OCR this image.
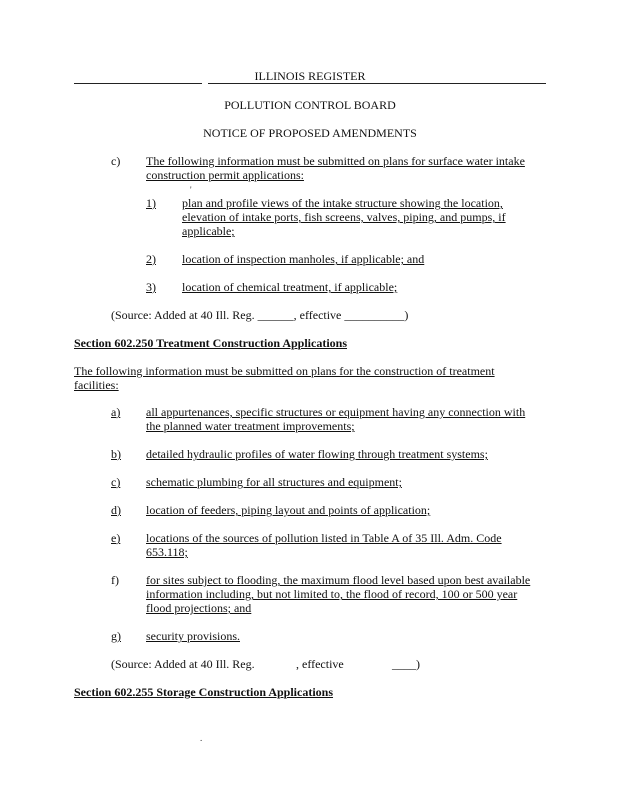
ILLINOIS REGISTER
POLLUTION CONTROL BOARD
NOTICE OF PROPOSED AMENDMENTS
c) The following information must be submitted on plans for surface water intake
construction permit applications:
'
1) plan and profile views of the intake structure showing the location,
elevation of intake ports, fish screens, valves, piping, and pumps, if
applicable;
2) location of inspection manholes, if applicable; and
3) location of chemical treatment, if applicable;
(Source: Added at 40 Ill. Reg. ______, effective __________)
Section 602.250 Treatment Construction Applications
The following information must be submitted on plans for the construction of treatment
facilities:
a) all appurtenances, specific structures or equipment having any connection with
the planned water treatment improvements;
b) detailed hydraulic profiles of water flowing through treatment systems;
c) schematic plumbing for all structures and equipment;
d) location of feeders, piping layout and points of application;
e) locations of the sources of pollution listed in Table A of 35 Ill. Adm. Code
653.118;
f) for sites subject to flooding, the maximum flood level based upon best available
information including, but not limited to, the flood of record, 100 or 500 year
flood projections; and
g) security provisions.
(Source: Added at 40 Ill. Reg.	, effective	____)
Section 602.255 Storage Construction Applications
.
